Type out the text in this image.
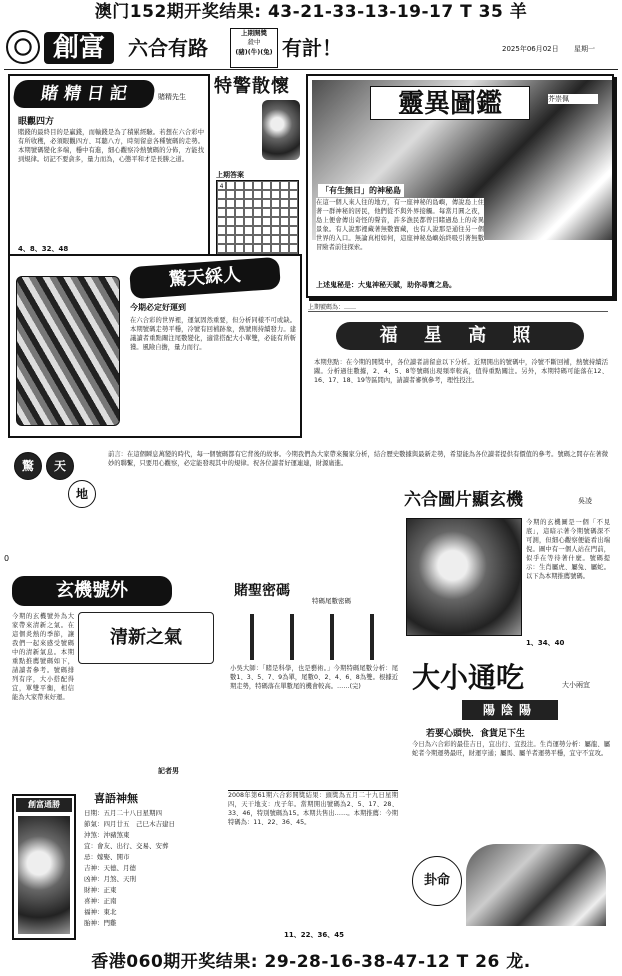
澳门152期开奖结果: 43-21-33-13-19-17 T 35 羊
創富	六合有路
上期開獎
殺中
(豬)(牛)(兔) 有計！	2025年06月02日	星期一
賭 精 日 記	賭精先生
眼觀四方
賭錢的最終目的是贏錢，而輸錢是為了積累經驗。若想在六合彩中有所收穫，必須眼觀四方、耳聽八方，時刻留意各種號碼的走勢。本期號碼變化多端，穩中有進，細心觀察冷熱號碼的分佈，方能找到規律。切記不要貪多，量力而為，心態平和才是長勝之道。
4、8、32、48
特警散懷
上期答案
4
靈異圖鑑	芥崇佩
「有生無日」的神秘島
在這一個人來人往的地方，有一座神秘的島嶼，傳說島上住著一群神秘的居民，他們從不與外界接觸。每當月圓之夜，島上便會傳出奇怪的聲音，許多漁民都曾目睹過島上的奇異景象。有人說那裡藏著無數寶藏，也有人說那是通往另一個世界的入口。無論真相如何，這座神秘島嶼始終吸引著無數冒險者前往探索。
上述鬼秘是：大鬼神秘天賦，助你尋寶之島。
上期號碼為：……
驚天綵人
今期必定好運到
在六合彩的世界裡，運氣固然重要，但分析同樣不可或缺。本期號碼走勢平穩，冷號有回補跡象，熱號則持續發力。建議讀者重點關注尾數變化，適當搭配大小單雙，必能有所斬獲。風險自擔，量力而行。
福 星 高 照
本期焦點：在今期的開獎中，各位讀者請留意以下分析。近期開出的號碼中，冷號不斷回補，熱號持續活躍。分析過往數據，2、4、5、8等號碼出現頻率較高，值得重點關注。另外，本期特碼可能落在12、16、17、18、19等區間內，請讀者審慎參考，理性投注。
驚	天
地
前言：在這個瞬息萬變的時代，每一個號碼都有它背後的故事。今期我們為大家帶來獨家分析，結合歷史數據與最新走勢，希望能為各位讀者提供有價值的參考。號碼之間存在著微妙的聯繫，只要用心觀察，必定能發現其中的規律。祝各位讀者好運連連，財源廣進。
六合圖片顯玄機	吳凌
今期的玄機圖是一個「不見底」，這暗示著今期號碼深不可測，但細心觀察便能看出端倪。圖中有一個人站在門前，似乎在等待著什麼。號碼提示：生肖屬虎、屬兔、屬蛇。以下為本期推薦號碼。
1、34、40
0
玄機號外
今期的玄機號外為大家帶來清新之氣。在這個炎熱的季節，讓我們一起來感受號碼中的清新氣息。本期重點推薦號碼如下，請讀者參考。號碼排列有序，大小搭配得宜，單雙平衡，相信能為大家帶來好運。
清新之氣
記者男
賭聖密碼
特碼尾數密碼
小吳大師：「賭是科學，也是藝術。」今期特碼尾數分析：尾數1、3、5、7、9為單，尾數0、2、4、6、8為雙。根據近期走勢，特碼落在單數尾的機會較高。……(完)	大小通吃	大小兩宜
陽陰陽
若要心頭快．食貨足下生
今日為六合彩的最佳吉日，宜出行、宜投注。生肖運勢分析：屬龍、屬蛇者今期運勢最旺，財運亨通；屬馬、屬羊者運勢平穩，宜守不宜攻。
卦命
創富通勝	喜語神無
日期：五月二十八日星期四
節氣：四月廿五　己巳木吉建日
沖煞：沖豬煞東
宜：會友、出行、交易、安葬
忌：嫁娶、開市
吉神：天德、月德
凶神：月煞、天刑
財神：正東
喜神：正南
福神：東北
胎神：門雞
2008年第61期六合彩開獎結果：頭獎為五月二十九日星期四，天干地支：戊子年。當期開出號碼為2、5、17、28、33、46，特別號碼為15。本期共售出……。本期推薦：今期特碼為：11、22、36、45。
11、22、36、45
香港060期开奖结果: 29-28-16-38-47-12 T 26 龙.
